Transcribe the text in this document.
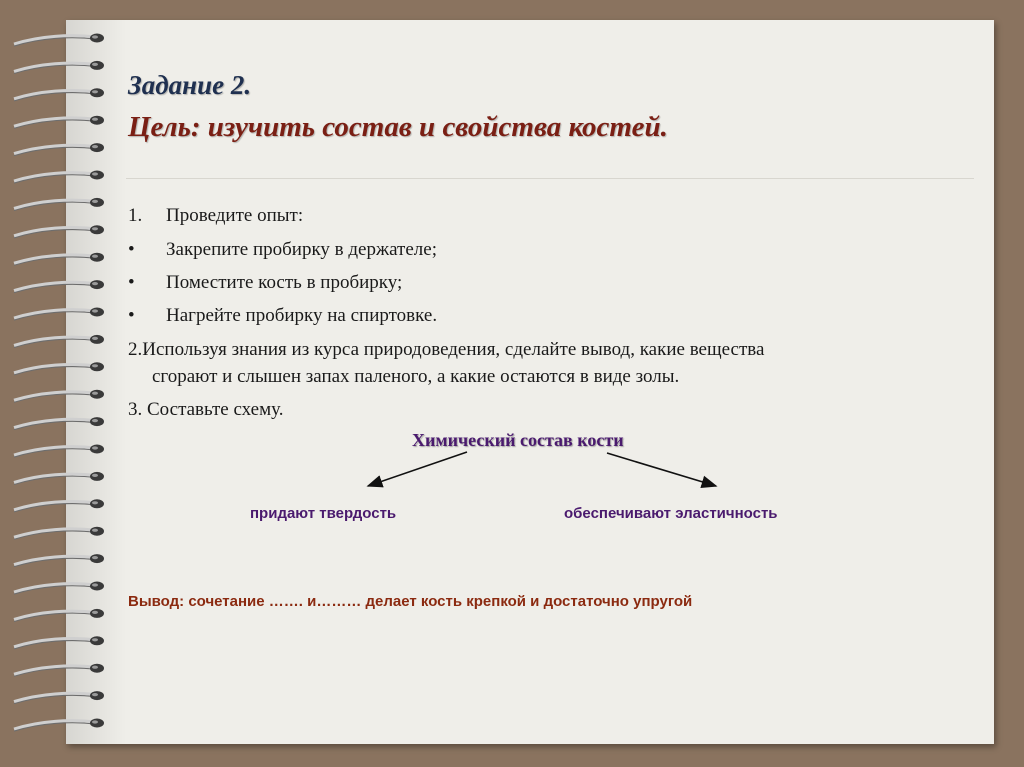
Задание 2.
Цель: изучить состав и свойства костей.
1. Проведите опыт:
• Закрепите пробирку в держателе;
• Поместите кость в пробирку;
• Нагрейте пробирку на спиртовке.
2.Используя знания из курса природоведения, сделайте вывод, какие вещества
сгорают и слышен запах паленого, а какие остаются в виде золы.
3. Составьте схему.
Химический состав кости
придают твердость	обеспечивают эластичность
Вывод: сочетание ……. и……… делает кость крепкой и достаточно упругой
